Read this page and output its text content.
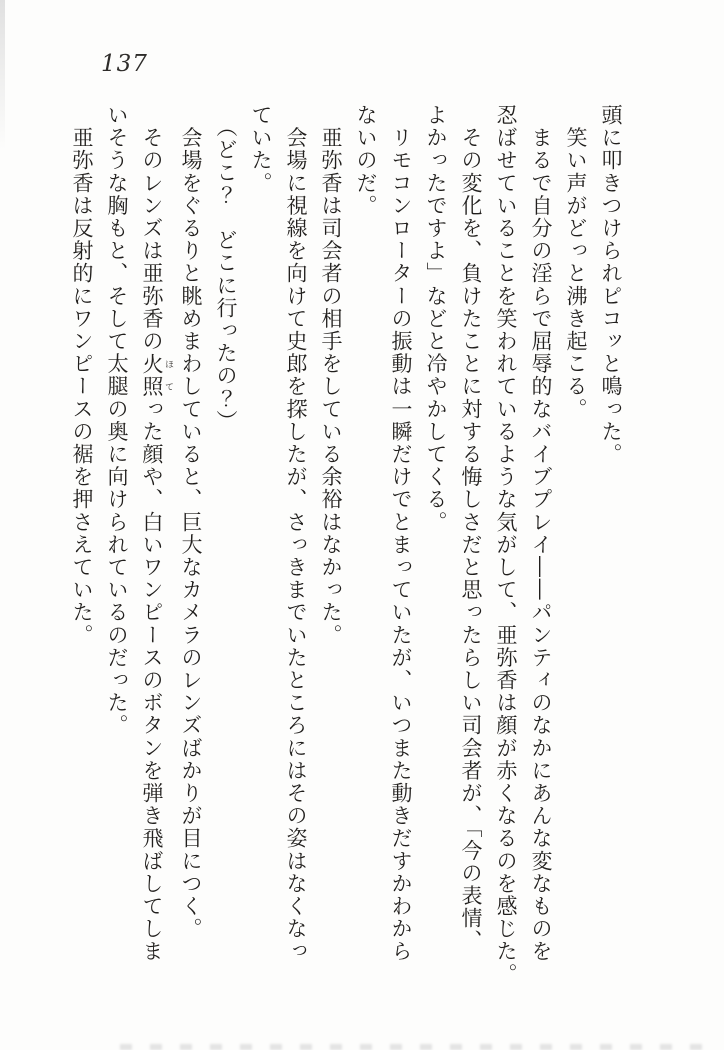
137
頭に叩きつけられピコッと鳴った。
　笑い声がどっと沸き起こる。
　まるで自分の淫らで屈辱的なバイブプレイ――パンティのなかにあんな変なものを
忍ばせていることを笑われているような気がして、亜弥香は顔が赤くなるのを感じた。
　その変化を、負けたことに対する悔しさだと思ったらしい司会者が、「今の表情、
よかったですよ」などと冷やかしてくる。
　リモコンローターの振動は一瞬だけでとまっていたが、いつまた動きだすかわから
ないのだ。
　亜弥香は司会者の相手をしている余裕はなかった。
　会場に視線を向けて史郎を探したが、さっきまでいたところにはその姿はなくなっ
ていた。
　（どこ？　どこに行ったの？）
　会場をぐるりと眺めまわしていると、巨大なカメラのレンズばかりが目につく。
　そのレンズは亜弥香の火照 ほてった顔や、白いワンピースのボタンを弾き飛ばしてしま
いそうな胸もと、そして太腿の奥に向けられているのだった。
　亜弥香は反射的にワンピースの裾を押さえていた。
